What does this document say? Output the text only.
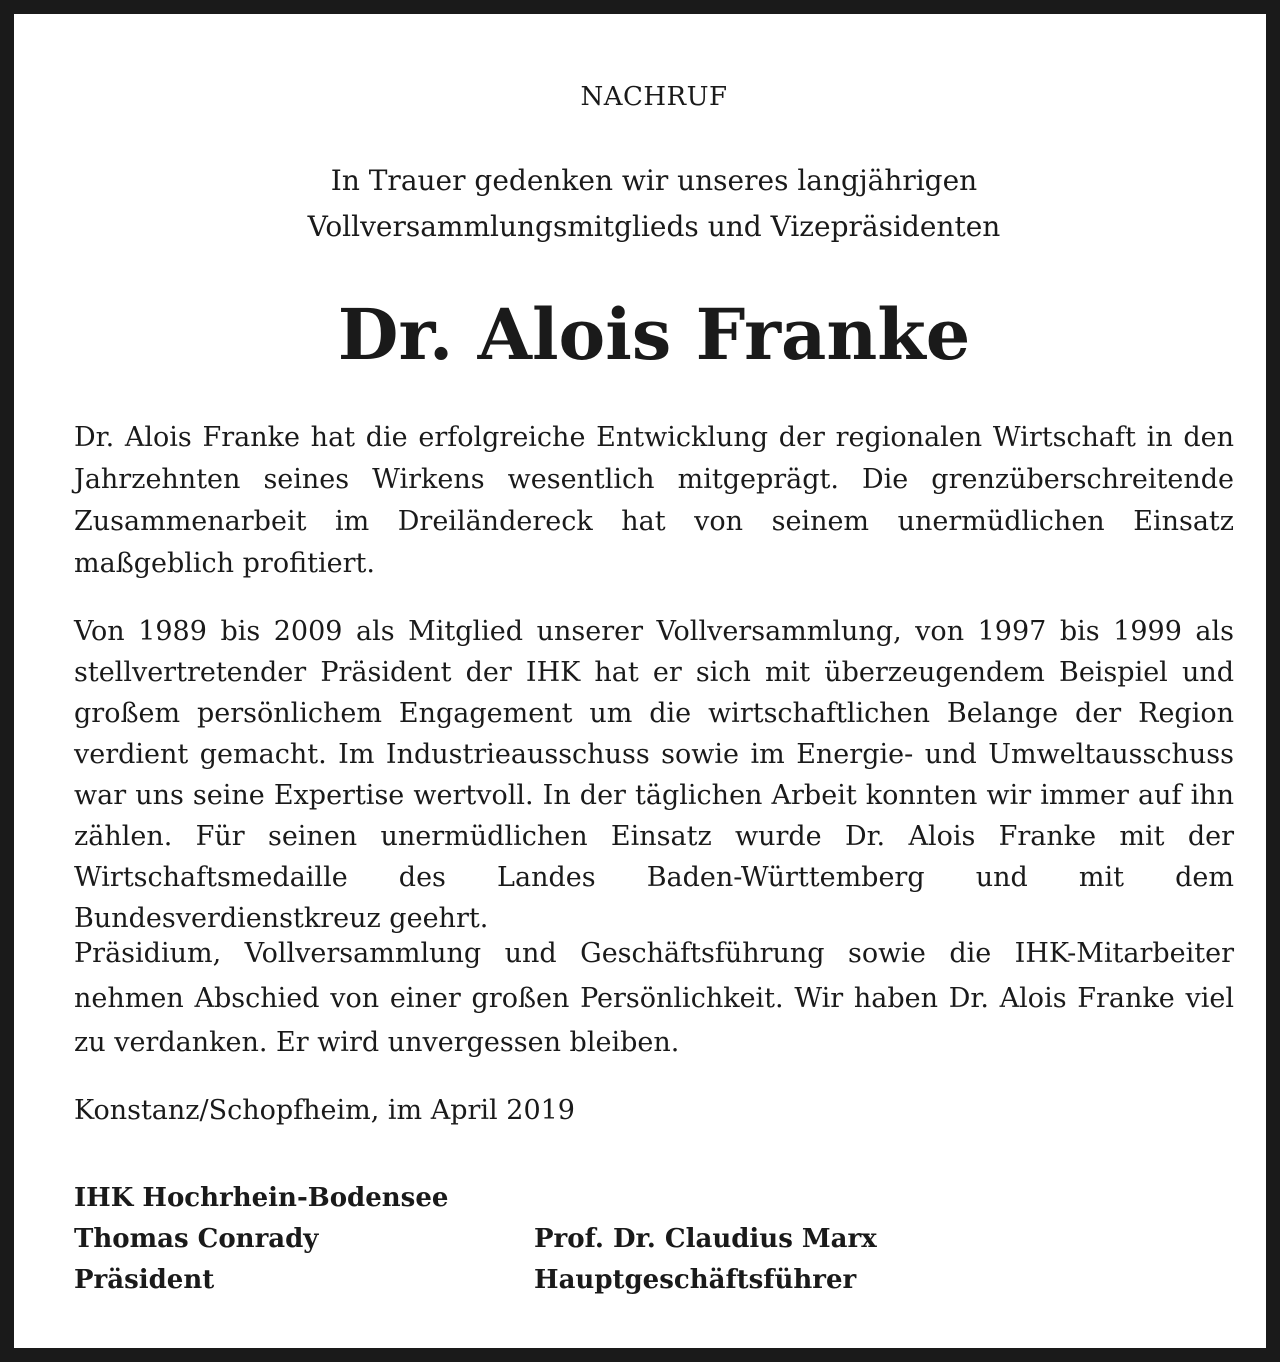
NACHRUF
In Trauer gedenken wir unseres langjährigen
Vollversammlungsmitglieds und Vizepräsidenten
Dr. Alois Franke

Dr. Alois Franke hat die erfolgreiche Entwicklung der regionalen Wirtschaft in den Jahrzehnten seines Wirkens wesentlich mitgeprägt. Die grenzüberschreitende Zusammenarbeit im Dreiländereck hat von seinem unermüdlichen Einsatz maßgeblich profitiert.

Von 1989 bis 2009 als Mitglied unserer Vollversammlung, von 1997 bis 1999 als stellvertretender Präsident der IHK hat er sich mit überzeugendem Beispiel und großem persönlichem Engagement um die wirtschaftlichen Belange der Region verdient gemacht. Im Industrieausschuss sowie im Energie- und Umweltausschuss war uns seine Expertise wertvoll. In der täglichen Arbeit konnten wir immer auf ihn zählen. Für seinen unermüdlichen Einsatz wurde Dr. Alois Franke mit der Wirtschaftsmedaille des Landes Baden-Württemberg und mit dem Bundesverdienstkreuz geehrt.

Präsidium, Vollversammlung und Geschäftsführung sowie die IHK-Mitarbeiter nehmen Abschied von einer großen Persönlichkeit. Wir haben Dr. Alois Franke viel zu verdanken. Er wird unvergessen bleiben.

Konstanz/Schopfheim, im April 2019
IHK Hochrhein-Bodensee
Thomas Conrady
Präsident
Prof. Dr. Claudius Marx
Hauptgeschäftsführer
